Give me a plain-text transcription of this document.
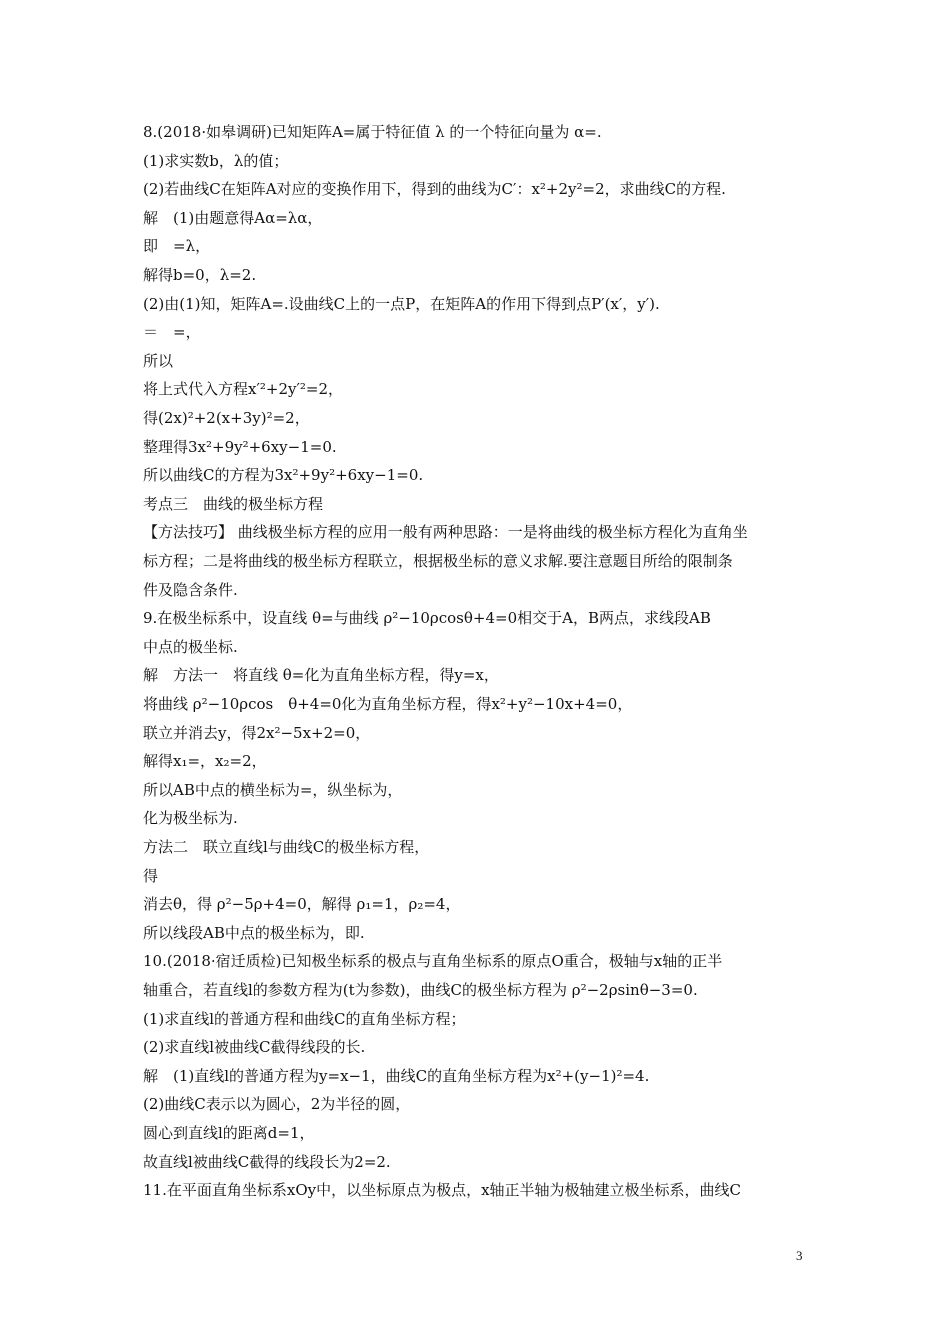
8.(2018·如皋调研)已知矩阵A=属于特征值 λ 的一个特征向量为 α=.
(1)求实数b，λ的值；
(2)若曲线C在矩阵A对应的变换作用下，得到的曲线为C′：x²+2y²=2，求曲线C的方程.
解　(1)由题意得Aα=λα，
即　=λ，
解得b=0，λ=2.
(2)由(1)知，矩阵A=.设曲线C上的一点P，在矩阵A的作用下得到点P′(x′，y′).
＝　=，
所以
将上式代入方程x′²+2y′²=2，
得(2x)²+2(x+3y)²=2，
整理得3x²+9y²+6xy−1=0.
所以曲线C的方程为3x²+9y²+6xy−1=0.
考点三　曲线的极坐标方程
【方法技巧】 曲线极坐标方程的应用一般有两种思路：一是将曲线的极坐标方程化为直角坐
标方程；二是将曲线的极坐标方程联立，根据极坐标的意义求解.要注意题目所给的限制条
件及隐含条件.
9.在极坐标系中，设直线 θ=与曲线 ρ²−10ρcosθ+4=0相交于A，B两点，求线段AB
中点的极坐标.
解　方法一　将直线 θ=化为直角坐标方程，得y=x，
将曲线 ρ²−10ρcos　θ+4=0化为直角坐标方程，得x²+y²−10x+4=0，
联立并消去y，得2x²−5x+2=0，
解得x₁=，x₂=2，
所以AB中点的横坐标为=，纵坐标为，
化为极坐标为.
方法二　联立直线l与曲线C的极坐标方程，
得
消去θ，得 ρ²−5ρ+4=0，解得 ρ₁=1，ρ₂=4，
所以线段AB中点的极坐标为，即.
10.(2018·宿迁质检)已知极坐标系的极点与直角坐标系的原点O重合，极轴与x轴的正半
轴重合，若直线l的参数方程为(t为参数)，曲线C的极坐标方程为 ρ²−2ρsinθ−3=0.
(1)求直线l的普通方程和曲线C的直角坐标方程；
(2)求直线l被曲线C截得线段的长.
解　(1)直线l的普通方程为y=x−1，曲线C的直角坐标方程为x²+(y−1)²=4.
(2)曲线C表示以为圆心，2为半径的圆，
圆心到直线l的距离d=1，
故直线l被曲线C截得的线段长为2=2.
11.在平面直角坐标系xOy中，以坐标原点为极点，x轴正半轴为极轴建立极坐标系，曲线C
3
